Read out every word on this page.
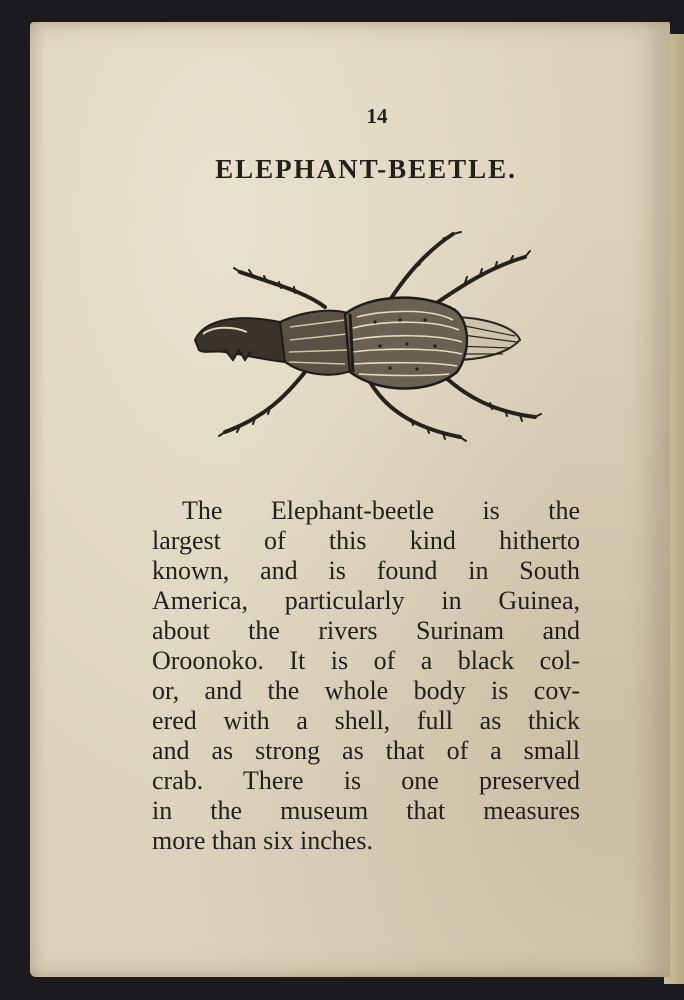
14
ELEPHANT-BEETLE.
The Elephant-beetle is the
largest of this kind hitherto
known, and is found in South
America, particularly in Guinea,
about the rivers Surinam and
Oroonoko. It is of a black col-
or, and the whole body is cov-
ered with a shell, full as thick
and as strong as that of a small
crab. There is one preserved
in the museum that measures
more than six inches.
